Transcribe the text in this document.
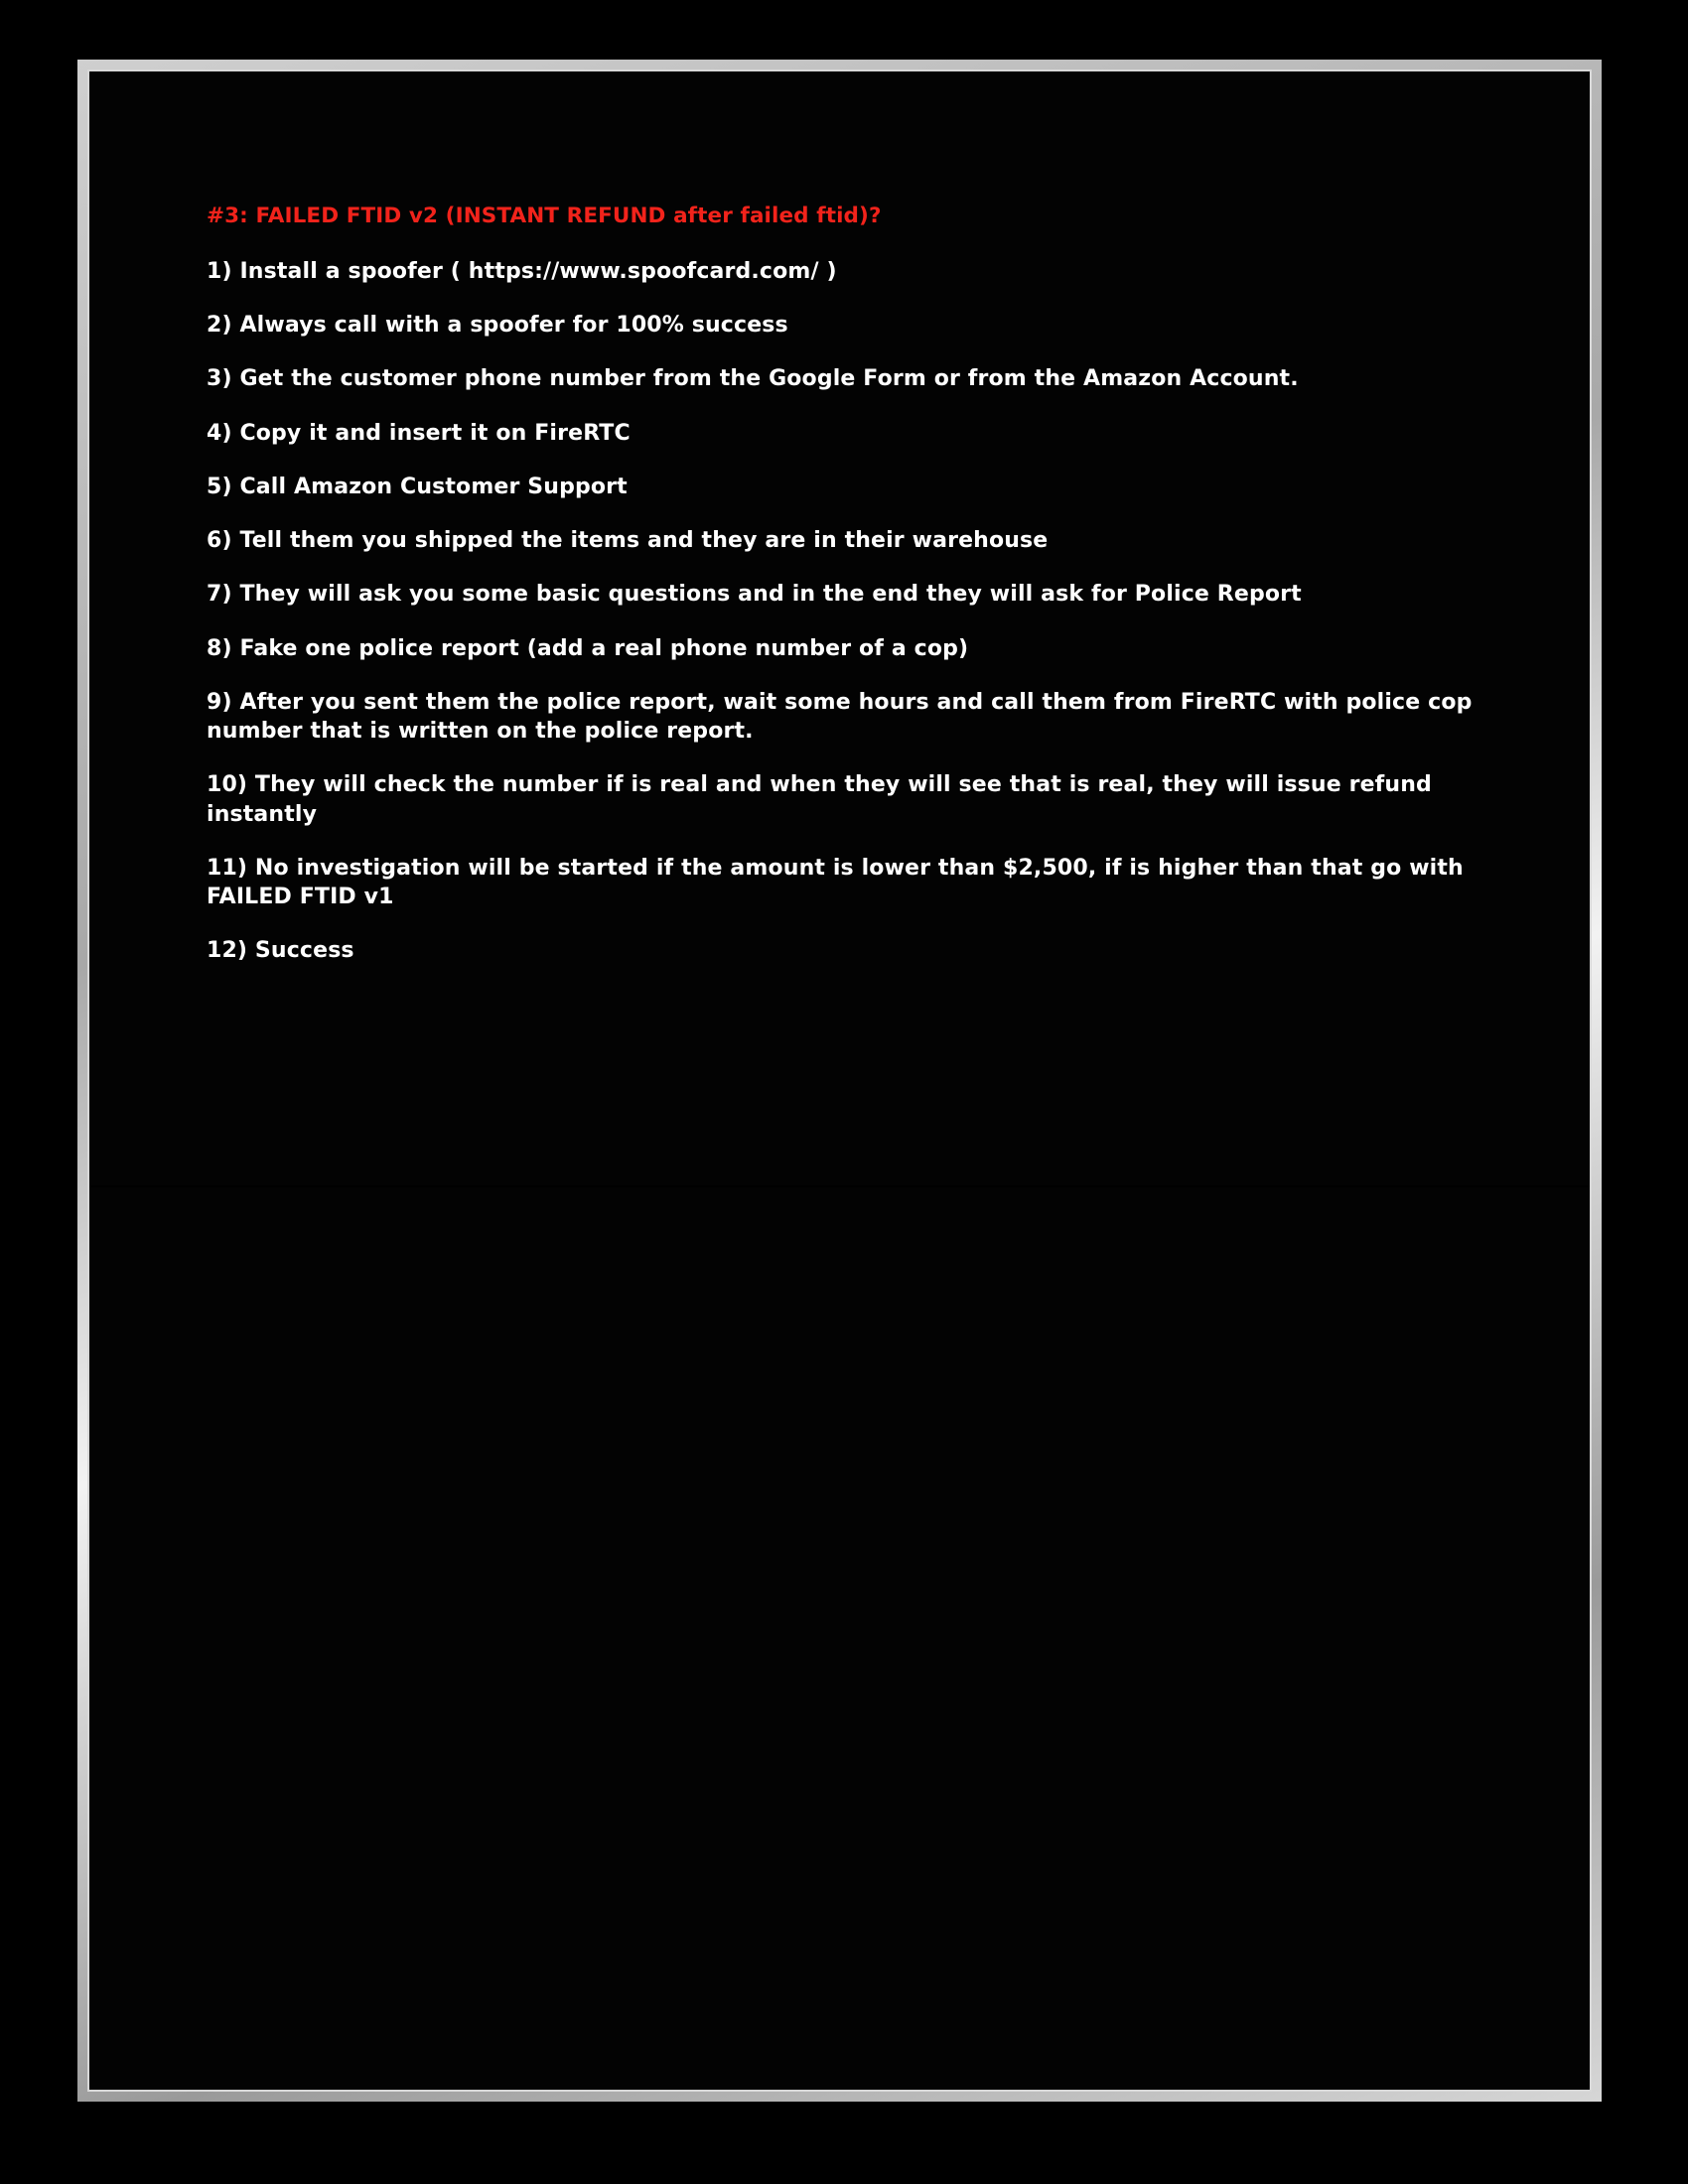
#3: FAILED FTID v2 (INSTANT REFUND after failed ftid)?

1) Install a spoofer ( https://www.spoofcard.com/ )

2) Always call with a spoofer for 100% success

3) Get the customer phone number from the Google Form or from the Amazon Account.

4) Copy it and insert it on FireRTC

5) Call Amazon Customer Support

6) Tell them you shipped the items and they are in their warehouse

7) They will ask you some basic questions and in the end they will ask for Police Report

8) Fake one police report (add a real phone number of a cop)

9) After you sent them the police report, wait some hours and call them from FireRTC with police cop number that is written on the police report.

10) They will check the number if is real and when they will see that is real, they will issue refund instantly

11) No investigation will be started if the amount is lower than $2,500, if is higher than that go with FAILED FTID v1

12) Success
